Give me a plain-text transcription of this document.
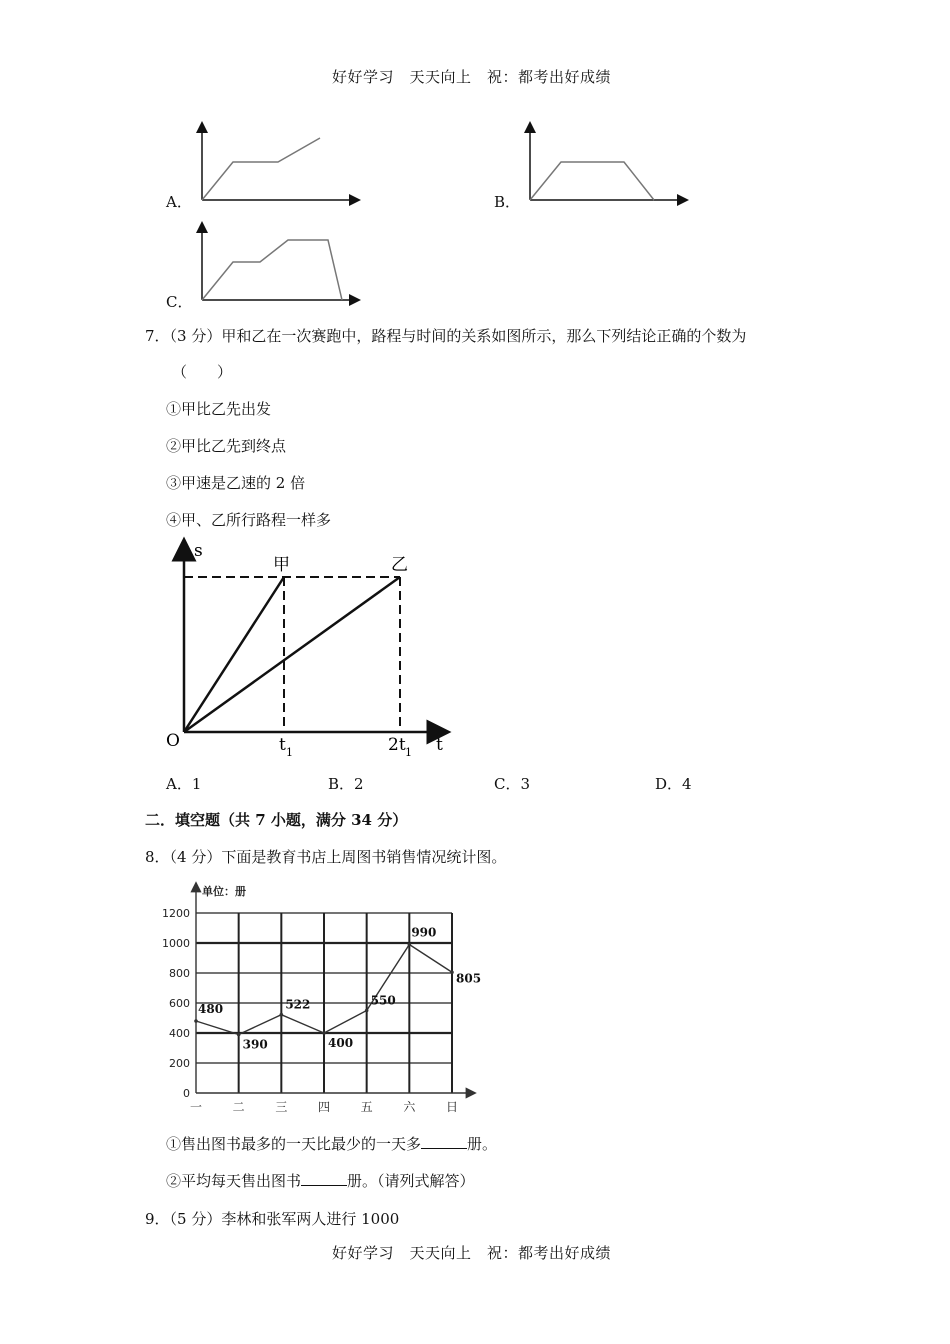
好好学习　天天向上　祝：都考出好成绩
A．	B．
C．
7．（3 分）甲和乙在一次赛跑中，路程与时间的关系如图所示，那么下列结论正确的个数为
（　　）
①甲比乙先出发
②甲比乙先到终点
③甲速是乙速的 2 倍
④甲、乙所行路程一样多
s
甲	乙
O	t
t 1	2t 1
A．1	B．2	C．3	D．4
二．填空题（共 7 小题，满分 34 分）
8．（4 分）下面是教育书店上周图书销售情况统计图。
0
200
400
600
800
1000
1200
单位：册
一	二	三	四	五	六	日
480
390
522
400
550
990
805
①售出图书最多的一天比最少的一天多	册。
②平均每天售出图书	册。（请列式解答）
9．（5 分）李林和张军两人进行 1000
好好学习　天天向上　祝：都考出好成绩
